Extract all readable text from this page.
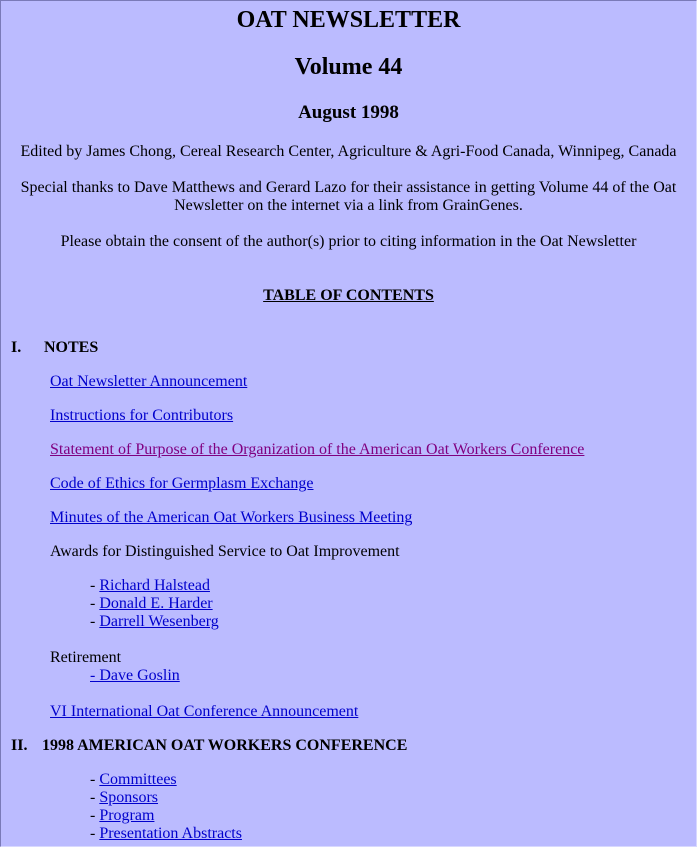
OAT NEWSLETTER
Volume 44
August 1998
Edited by James Chong, Cereal Research Center, Agriculture & Agri-Food Canada, Winnipeg, Canada
Special thanks to Dave Matthews and Gerard Lazo for their assistance in getting Volume 44 of the Oat
Newsletter on the internet via a link from GrainGenes.
Please obtain the consent of the author(s) prior to citing information in the Oat Newsletter
TABLE OF CONTENTS
I. NOTES
Oat Newsletter Announcement
Instructions for Contributors
Statement of Purpose of the Organization of the American Oat Workers Conference
Code of Ethics for Germplasm Exchange
Minutes of the American Oat Workers Business Meeting
Awards for Distinguished Service to Oat Improvement
- Richard Halstead
- Donald E. Harder
- Darrell Wesenberg
Retirement
- Dave Goslin
VI International Oat Conference Announcement
II. 1998 AMERICAN OAT WORKERS CONFERENCE
- Committees
- Sponsors
- Program
- Presentation Abstracts
